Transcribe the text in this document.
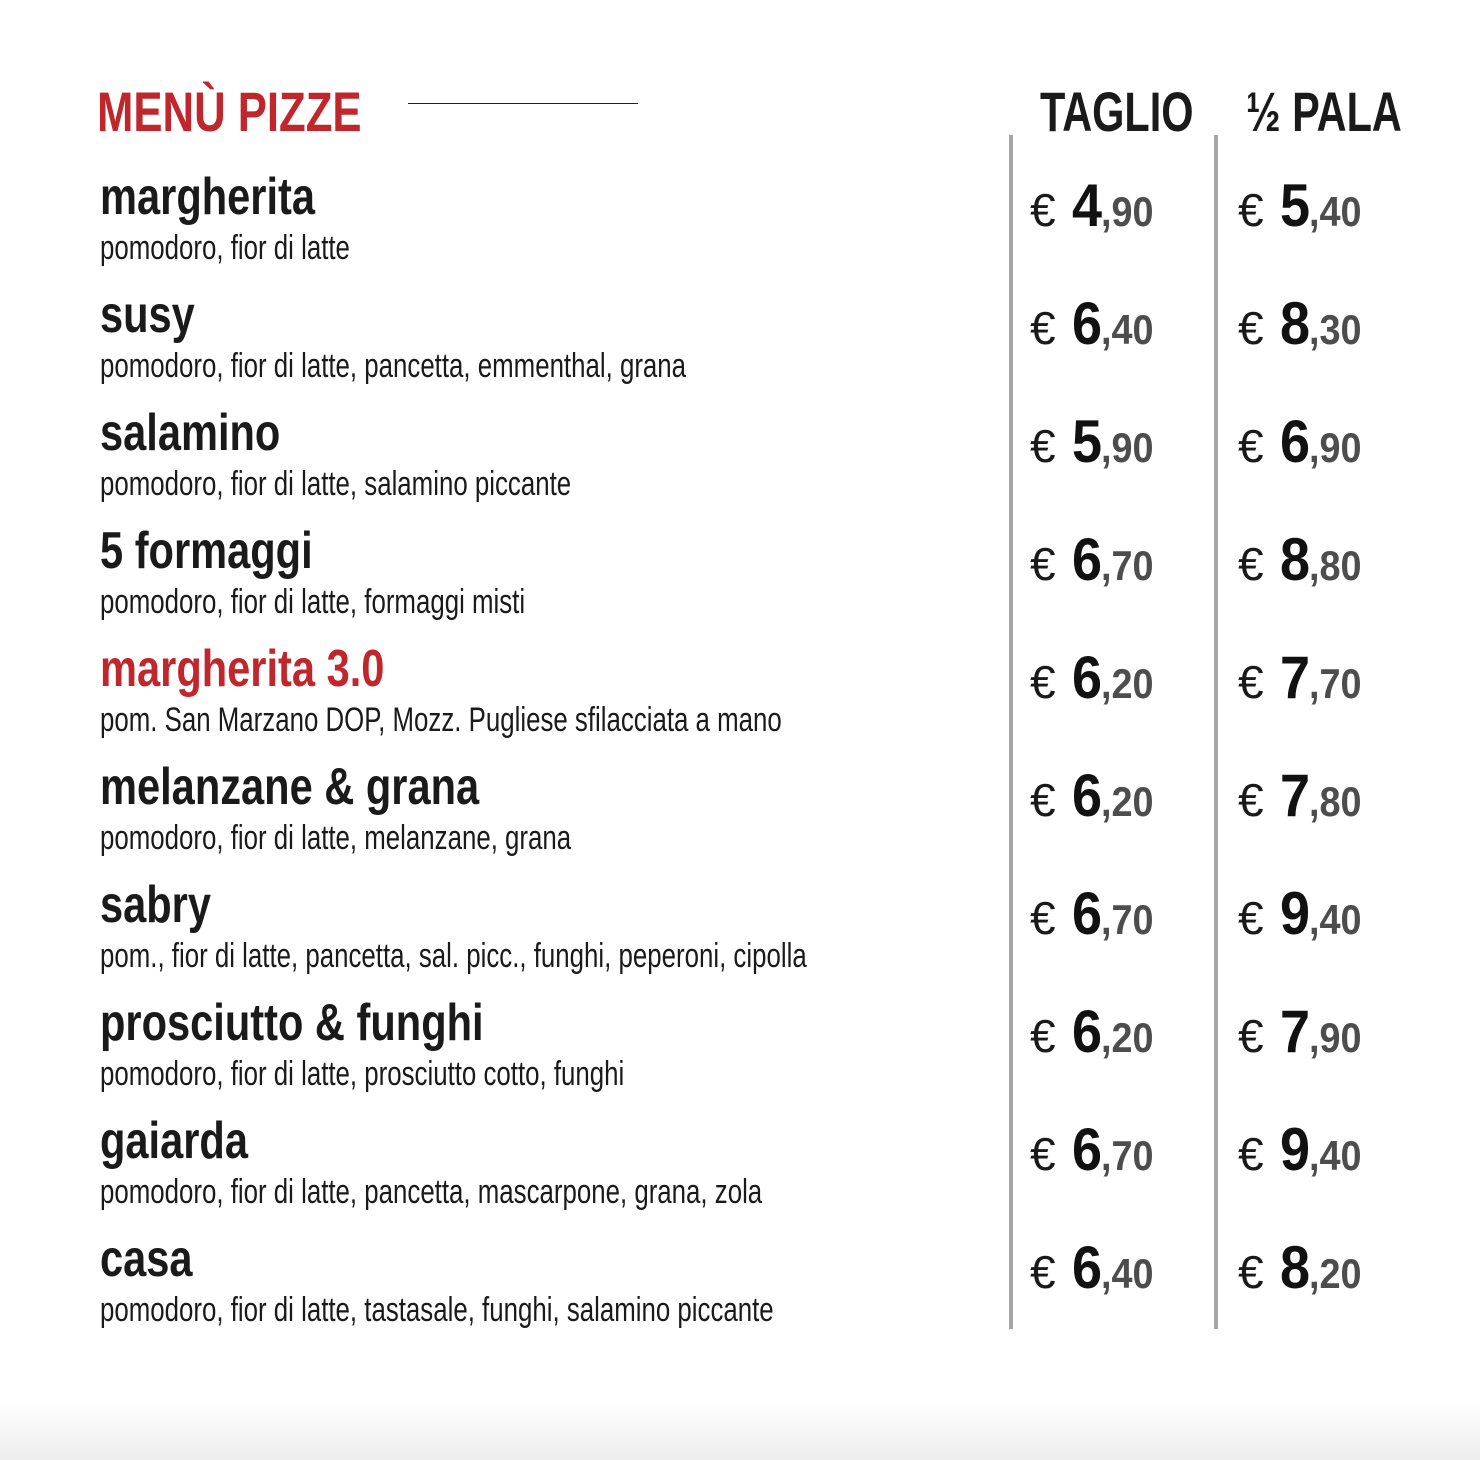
MENÙ PIZZE	TAGLIO ½ PALA
margherita
pomodoro, fior di latte
€ 4,90 € 5,40
susy
pomodoro, fior di latte, pancetta, emmenthal, grana
€ 6,40 € 8,30
salamino
pomodoro, fior di latte, salamino piccante
€ 5,90 € 6,90
5 formaggi
pomodoro, fior di latte, formaggi misti
€ 6,70 € 8,80
margherita 3.0
pom. San Marzano DOP, Mozz. Pugliese sfilacciata a mano
€ 6,20 € 7,70
melanzane & grana
pomodoro, fior di latte, melanzane, grana
€ 6,20 € 7,80
sabry
pom., fior di latte, pancetta, sal. picc., funghi, peperoni, cipolla
€ 6,70 € 9,40
prosciutto & funghi
pomodoro, fior di latte, prosciutto cotto, funghi
€ 6,20 € 7,90
gaiarda
pomodoro, fior di latte, pancetta, mascarpone, grana, zola
€ 6,70 € 9,40
casa
pomodoro, fior di latte, tastasale, funghi, salamino piccante
€ 6,40 € 8,20
